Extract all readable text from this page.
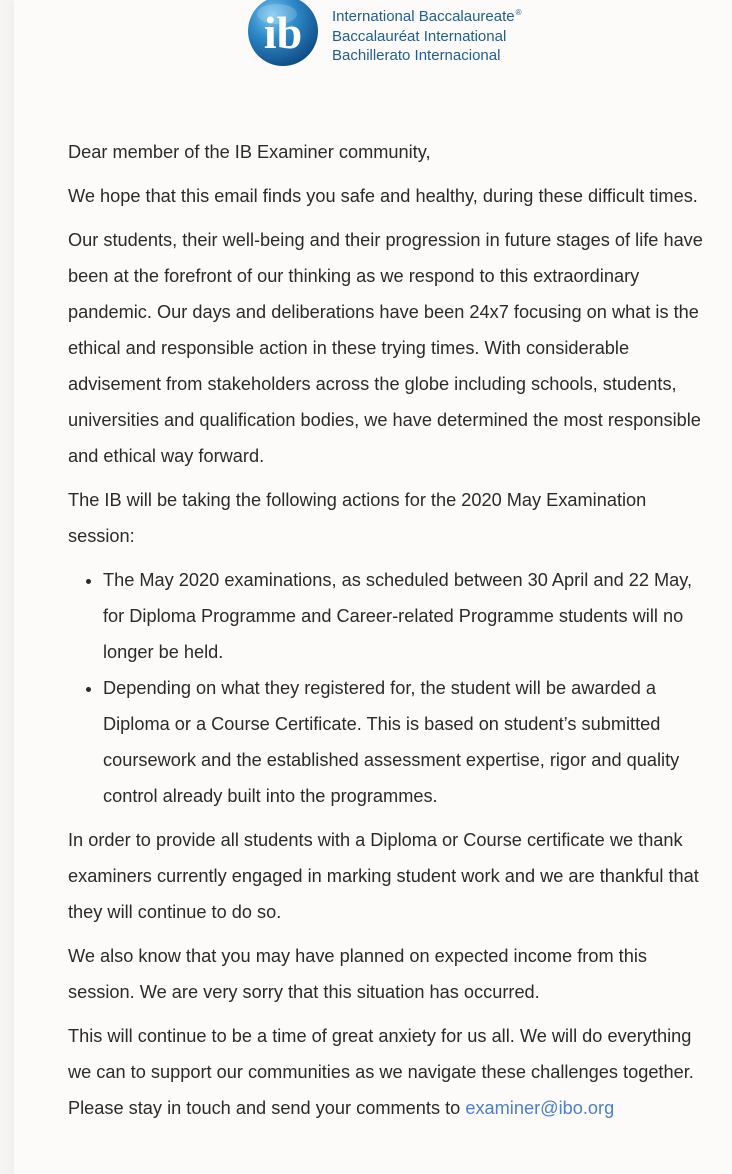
ib International Baccalaureate®
Baccalauréat International
Bachillerato Internacional

Dear member of the IB Examiner community,

We hope that this email finds you safe and healthy, during these difficult times.

Our students, their well-being and their progression in future stages of life have been at the forefront of our thinking as we respond to this extraordinary pandemic. Our days and deliberations have been 24x7 focusing on what is the ethical and responsible action in these trying times. With considerable advisement from stakeholders across the globe including schools, students, universities and qualification bodies, we have determined the most responsible and ethical way forward.

The IB will be taking the following actions for the 2020 May Examination session:

• The May 2020 examinations, as scheduled between 30 April and 22 May, for Diploma Programme and Career-related Programme students will no longer be held.
• Depending on what they registered for, the student will be awarded a Diploma or a Course Certificate. This is based on student’s submitted coursework and the established assessment expertise, rigor and quality control already built into the programmes.

In order to provide all students with a Diploma or Course certificate we thank examiners currently engaged in marking student work and we are thankful that they will continue to do so.

We also know that you may have planned on expected income from this session. We are very sorry that this situation has occurred.

This will continue to be a time of great anxiety for us all. We will do everything we can to support our communities as we navigate these challenges together. Please stay in touch and send your comments to examiner@ibo.org
